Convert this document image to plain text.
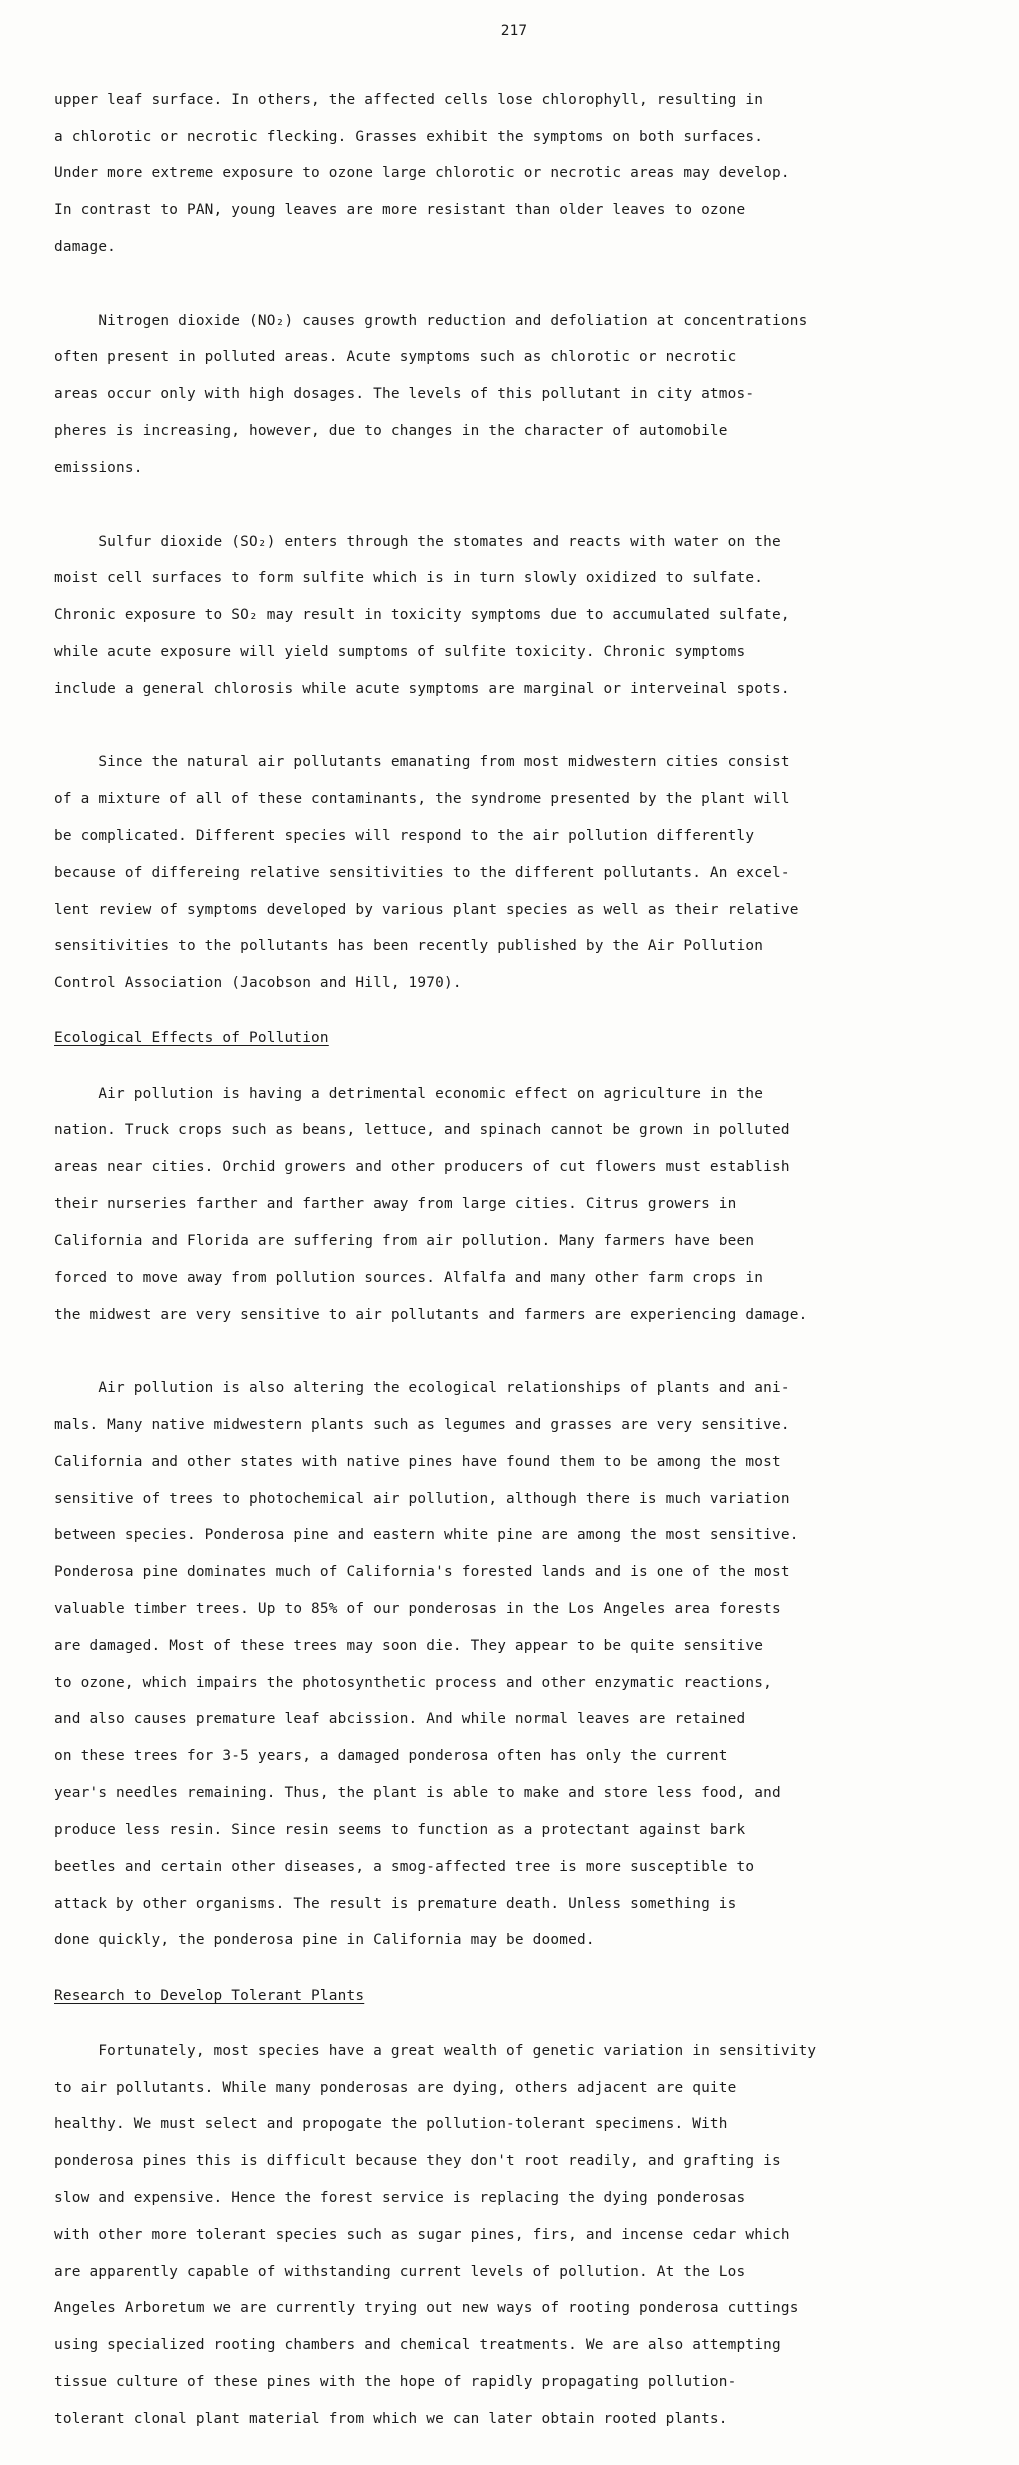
217

upper leaf surface. In others, the affected cells lose chlorophyll, resulting in

a chlorotic or necrotic flecking. Grasses exhibit the symptoms on both surfaces.

Under more extreme exposure to ozone large chlorotic or necrotic areas may develop.

In contrast to PAN, young leaves are more resistant than older leaves to ozone

damage.

Nitrogen dioxide (NO₂) causes growth reduction and defoliation at concentrations

often present in polluted areas. Acute symptoms such as chlorotic or necrotic

areas occur only with high dosages. The levels of this pollutant in city atmos-

pheres is increasing, however, due to changes in the character of automobile

emissions.

Sulfur dioxide (SO₂) enters through the stomates and reacts with water on the

moist cell surfaces to form sulfite which is in turn slowly oxidized to sulfate.

Chronic exposure to SO₂ may result in toxicity symptoms due to accumulated sulfate,

while acute exposure will yield sumptoms of sulfite toxicity. Chronic symptoms

include a general chlorosis while acute symptoms are marginal or interveinal spots.

Since the natural air pollutants emanating from most midwestern cities consist

of a mixture of all of these contaminants, the syndrome presented by the plant will

be complicated. Different species will respond to the air pollution differently

because of differeing relative sensitivities to the different pollutants. An excel-

lent review of symptoms developed by various plant species as well as their relative

sensitivities to the pollutants has been recently published by the Air Pollution

Control Association (Jacobson and Hill, 1970).

Ecological Effects of Pollution

Air pollution is having a detrimental economic effect on agriculture in the

nation. Truck crops such as beans, lettuce, and spinach cannot be grown in polluted

areas near cities. Orchid growers and other producers of cut flowers must establish

their nurseries farther and farther away from large cities. Citrus growers in

California and Florida are suffering from air pollution. Many farmers have been

forced to move away from pollution sources. Alfalfa and many other farm crops in

the midwest are very sensitive to air pollutants and farmers are experiencing damage.

Air pollution is also altering the ecological relationships of plants and ani-

mals. Many native midwestern plants such as legumes and grasses are very sensitive.

California and other states with native pines have found them to be among the most

sensitive of trees to photochemical air pollution, although there is much variation

between species. Ponderosa pine and eastern white pine are among the most sensitive.

Ponderosa pine dominates much of California's forested lands and is one of the most

valuable timber trees. Up to 85% of our ponderosas in the Los Angeles area forests

are damaged. Most of these trees may soon die. They appear to be quite sensitive

to ozone, which impairs the photosynthetic process and other enzymatic reactions,

and also causes premature leaf abcission. And while normal leaves are retained

on these trees for 3-5 years, a damaged ponderosa often has only the current

year's needles remaining. Thus, the plant is able to make and store less food, and

produce less resin. Since resin seems to function as a protectant against bark

beetles and certain other diseases, a smog-affected tree is more susceptible to

attack by other organisms. The result is premature death. Unless something is

done quickly, the ponderosa pine in California may be doomed.

Research to Develop Tolerant Plants

Fortunately, most species have a great wealth of genetic variation in sensitivity

to air pollutants. While many ponderosas are dying, others adjacent are quite

healthy. We must select and propogate the pollution-tolerant specimens. With

ponderosa pines this is difficult because they don't root readily, and grafting is

slow and expensive. Hence the forest service is replacing the dying ponderosas

with other more tolerant species such as sugar pines, firs, and incense cedar which

are apparently capable of withstanding current levels of pollution. At the Los

Angeles Arboretum we are currently trying out new ways of rooting ponderosa cuttings

using specialized rooting chambers and chemical treatments. We are also attempting

tissue culture of these pines with the hope of rapidly propagating pollution-

tolerant clonal plant material from which we can later obtain rooted plants.
